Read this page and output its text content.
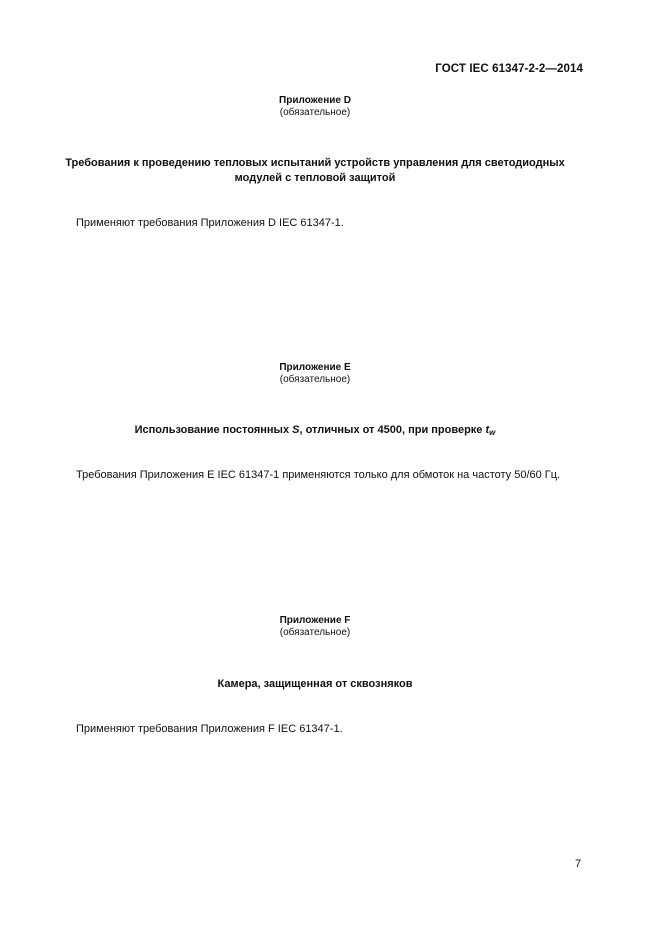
ГОСТ IEC 61347-2-2—2014
Приложение D
(обязательное)
Требования к проведению тепловых испытаний устройств управления для светодиодных
модулей с тепловой защитой
Применяют требования Приложения D IEC 61347-1.
Приложение E
(обязательное)
Использование постоянных S, отличных от 4500, при проверке $t_w$
Требования Приложения E IEC 61347-1 применяются только для обмоток на частоту 50/60 Гц.
Приложение F
(обязательное)
Камера, защищенная от сквозняков
Применяют требования Приложения F IEC 61347-1.
7
